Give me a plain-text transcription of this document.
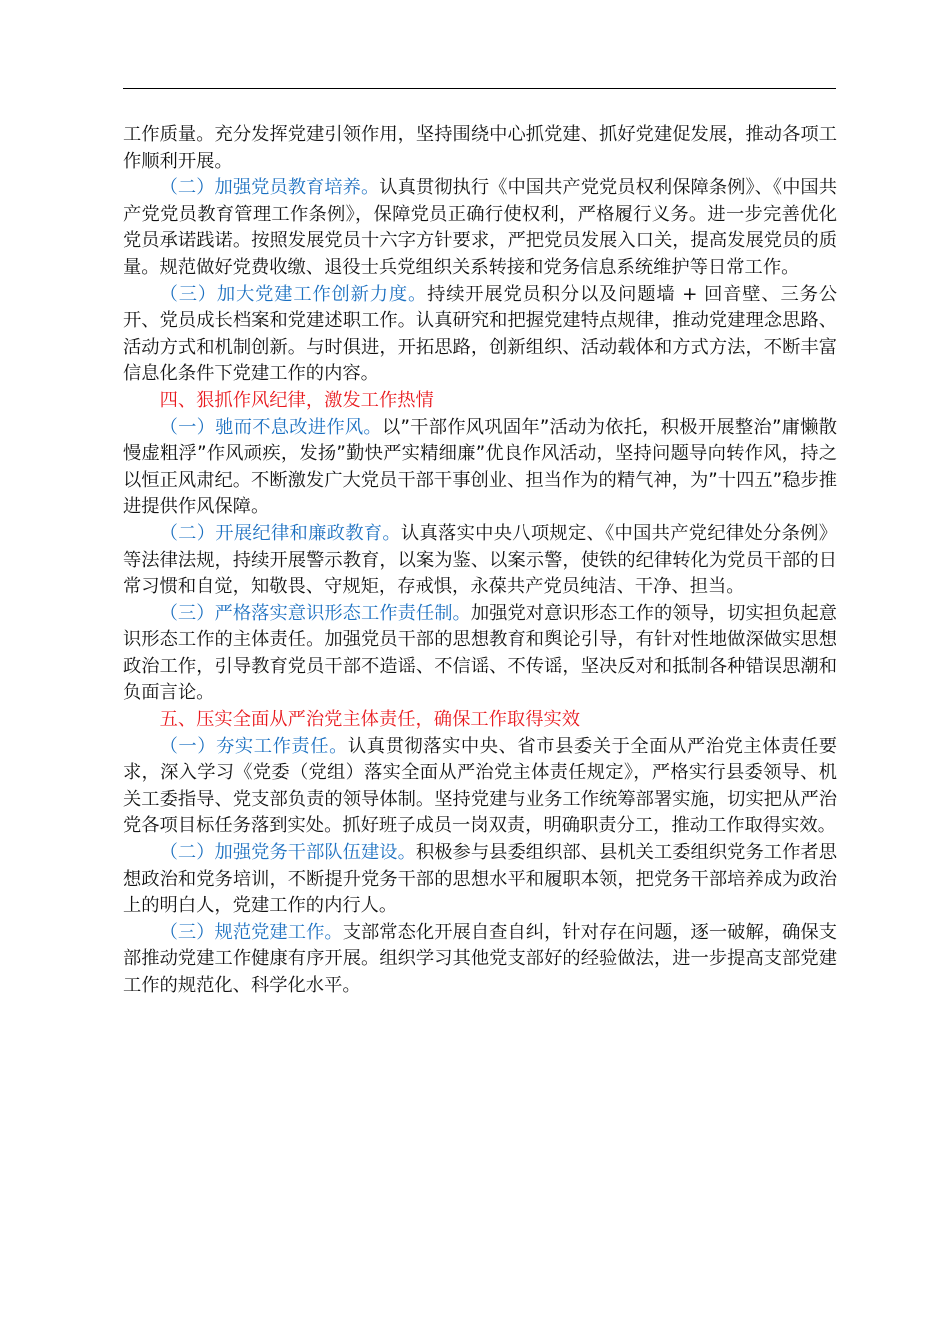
工作质量。充分发挥党建引领作用，坚持围绕中心抓党建、抓好党建促发展，推动各项工作顺利开展。

（二）加强党员教育培养。认真贯彻执行《中国共产党党员权利保障条例》、《中国共产党党员教育管理工作条例》，保障党员正确行使权利，严格履行义务。进一步完善优化党员承诺践诺。按照发展党员十六字方针要求，严把党员发展入口关，提高发展党员的质量。规范做好党费收缴、退役士兵党组织关系转接和党务信息系统维护等日常工作。

（三）加大党建工作创新力度。持续开展党员积分以及问题墙 + 回音壁、三务公开、党员成长档案和党建述职工作。认真研究和把握党建特点规律，推动党建理念思路、活动方式和机制创新。与时俱进，开拓思路，创新组织、活动载体和方式方法，不断丰富信息化条件下党建工作的内容。

四、狠抓作风纪律，激发工作热情

（一）驰而不息改进作风。以”干部作风巩固年”活动为依托，积极开展整治”庸懒散慢虚粗浮”作风顽疾，发扬”勤快严实精细廉”优良作风活动，坚持问题导向转作风，持之以恒正风肃纪。不断激发广大党员干部干事创业、担当作为的精气神，为”十四五”稳步推进提供作风保障。

（二）开展纪律和廉政教育。认真落实中央八项规定、《中国共产党纪律处分条例》等法律法规，持续开展警示教育，以案为鉴、以案示警，使铁的纪律转化为党员干部的日常习惯和自觉，知敬畏、守规矩，存戒惧，永葆共产党员纯洁、干净、担当。

（三）严格落实意识形态工作责任制。加强党对意识形态工作的领导，切实担负起意识形态工作的主体责任。加强党员干部的思想教育和舆论引导，有针对性地做深做实思想政治工作，引导教育党员干部不造谣、不信谣、不传谣，坚决反对和抵制各种错误思潮和负面言论。

五、压实全面从严治党主体责任，确保工作取得实效

（一）夯实工作责任。认真贯彻落实中央、省市县委关于全面从严治党主体责任要求，深入学习《党委（党组）落实全面从严治党主体责任规定》，严格实行县委领导、机关工委指导、党支部负责的领导体制。坚持党建与业务工作统筹部署实施，切实把从严治党各项目标任务落到实处。抓好班子成员一岗双责，明确职责分工，推动工作取得实效。

（二）加强党务干部队伍建设。积极参与县委组织部、县机关工委组织党务工作者思想政治和党务培训，不断提升党务干部的思想水平和履职本领，把党务干部培养成为政治上的明白人，党建工作的内行人。

（三）规范党建工作。支部常态化开展自查自纠，针对存在问题，逐一破解，确保支部推动党建工作健康有序开展。组织学习其他党支部好的经验做法，进一步提高支部党建工作的规范化、科学化水平。
